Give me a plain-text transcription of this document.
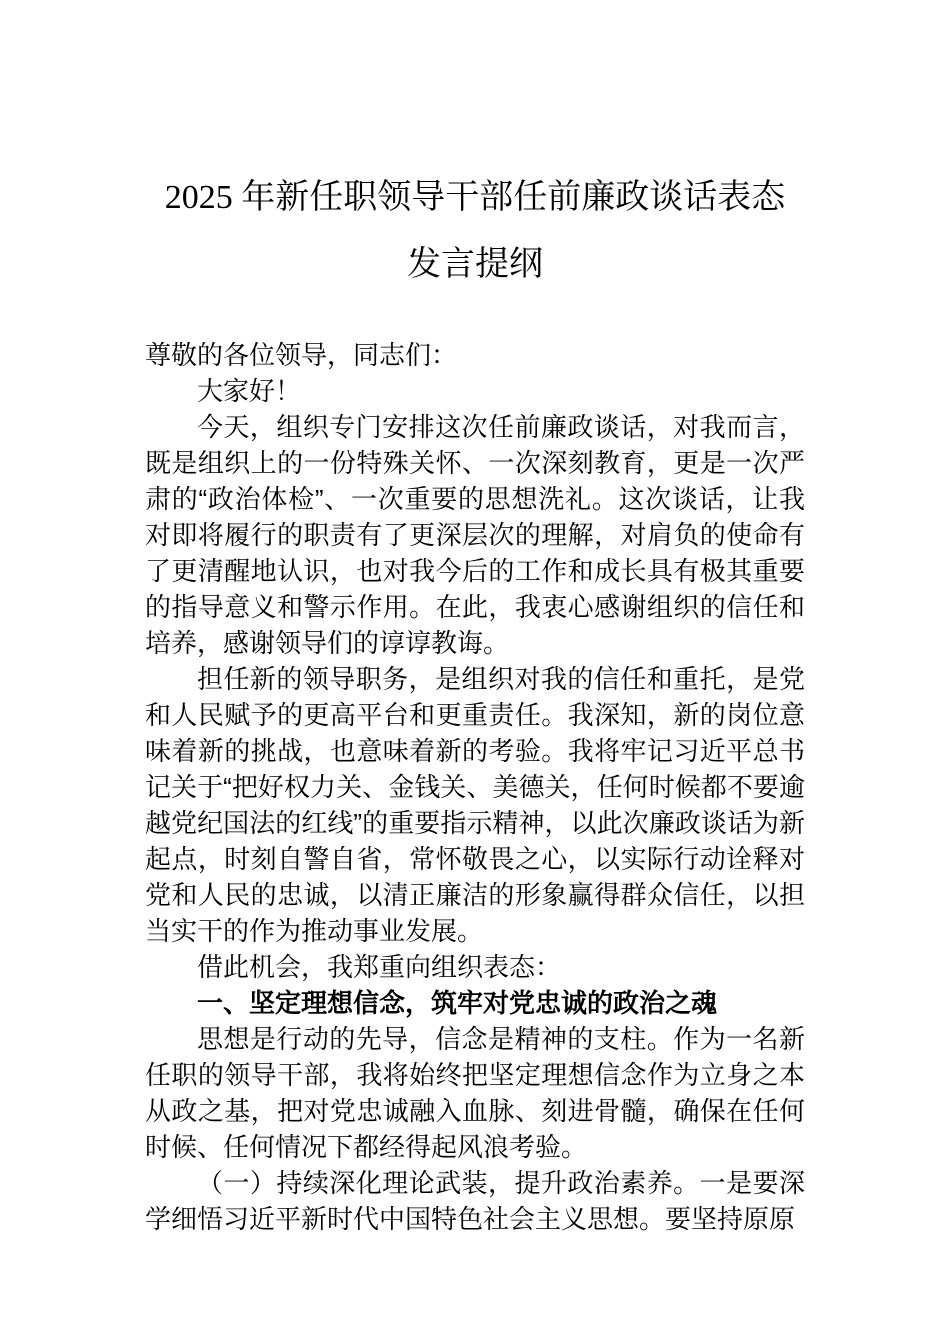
2025 年新任职领导干部任前廉政谈话表态
发言提纲

尊敬的各位领导，同志们：

大家好！

今天，组织专门安排这次任前廉政谈话，对我而言，既是组织上的一份特殊关怀、一次深刻教育，更是一次严肃的“政治体检”、一次重要的思想洗礼。这次谈话，让我对即将履行的职责有了更深层次的理解，对肩负的使命有了更清醒地认识，也对我今后的工作和成长具有极其重要的指导意义和警示作用。在此，我衷心感谢组织的信任和培养，感谢领导们的谆谆教诲。

担任新的领导职务，是组织对我的信任和重托，是党和人民赋予的更高平台和更重责任。我深知，新的岗位意味着新的挑战，也意味着新的考验。我将牢记习近平总书记关于“把好权力关、金钱关、美德关，任何时候都不要逾越党纪国法的红线”的重要指示精神，以此次廉政谈话为新起点，时刻自警自省，常怀敬畏之心，以实际行动诠释对党和人民的忠诚，以清正廉洁的形象赢得群众信任，以担当实干的作为推动事业发展。

借此机会，我郑重向组织表态：

一、坚定理想信念，筑牢对党忠诚的政治之魂

思想是行动的先导，信念是精神的支柱。作为一名新任职的领导干部，我将始终把坚定理想信念作为立身之本从政之基，把对党忠诚融入血脉、刻进骨髓，确保在任何时候、任何情况下都经得起风浪考验。

（一）持续深化理论武装，提升政治素养。一是要深学细悟习近平新时代中国特色社会主义思想。要坚持原原
